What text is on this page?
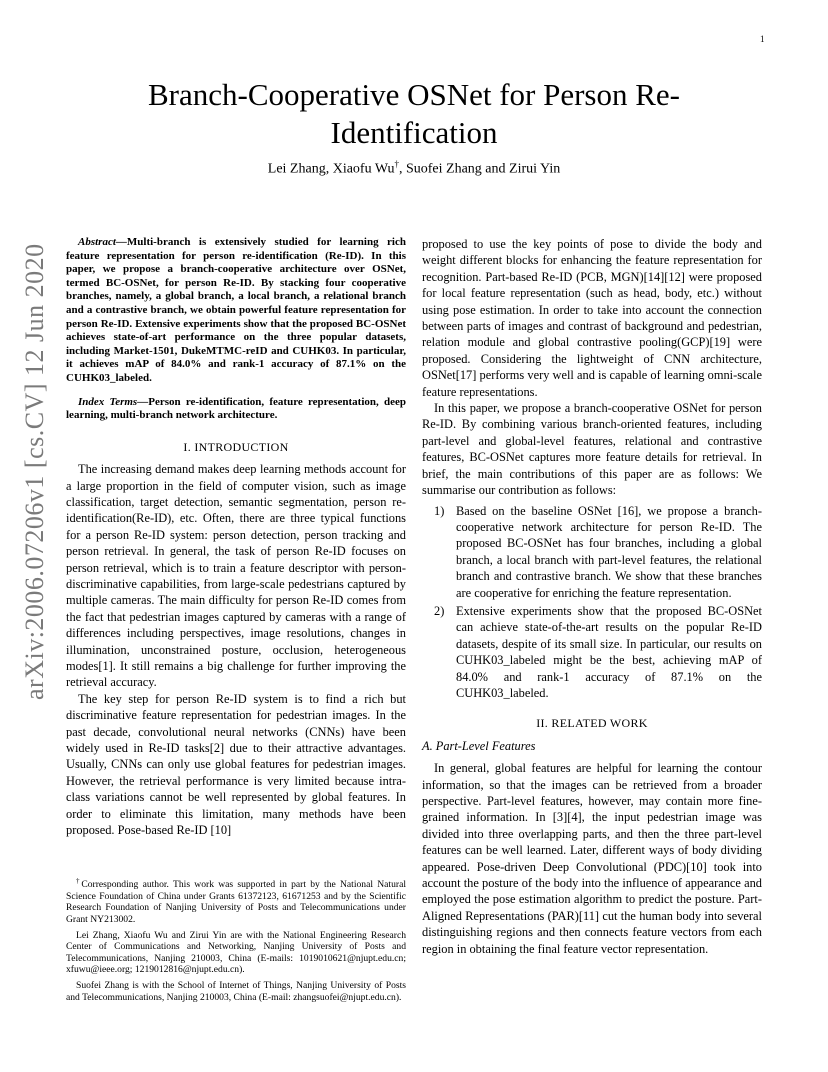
1
arXiv:2006.07206v1 [cs.CV] 12 Jun 2020
Branch-Cooperative OSNet for Person Re-Identification
Lei Zhang, Xiaofu Wu†, Suofei Zhang and Zirui Yin

Abstract—Multi-branch is extensively studied for learning rich feature representation for person re-identification (Re-ID). In this paper, we propose a branch-cooperative architecture over OSNet, termed BC-OSNet, for person Re-ID. By stacking four cooperative branches, namely, a global branch, a local branch, a relational branch and a contrastive branch, we obtain powerful feature representation for person Re-ID. Extensive experiments show that the proposed BC-OSNet achieves state-of-art performance on the three popular datasets, including Market-1501, DukeMTMC-reID and CUHK03. In particular, it achieves mAP of 84.0% and rank-1 accuracy of 87.1% on the CUHK03_labeled.

Index Terms—Person re-identification, feature representation, deep learning, multi-branch network architecture.

I. INTRODUCTION

The increasing demand makes deep learning methods account for a large proportion in the field of computer vision, such as image classification, target detection, semantic segmentation, person re-identification(Re-ID), etc. Often, there are three typical functions for a person Re-ID system: person detection, person tracking and person retrieval. In general, the task of person Re-ID focuses on person retrieval, which is to train a feature descriptor with person-discriminative capabilities, from large-scale pedestrians captured by multiple cameras. The main difficulty for person Re-ID comes from the fact that pedestrian images captured by cameras with a range of differences including perspectives, image resolutions, changes in illumination, unconstrained posture, occlusion, heterogeneous modes[1]. It still remains a big challenge for further improving the retrieval accuracy.

The key step for person Re-ID system is to find a rich but discriminative feature representation for pedestrian images. In the past decade, convolutional neural networks (CNNs) have been widely used in Re-ID tasks[2] due to their attractive advantages. Usually, CNNs can only use global features for pedestrian images. However, the retrieval performance is very limited because intra-class variations cannot be well represented by global features. In order to eliminate this limitation, many methods have been proposed. Pose-based Re-ID [10]

†Corresponding author. This work was supported in part by the National Natural Science Foundation of China under Grants 61372123, 61671253 and by the Scientific Research Foundation of Nanjing University of Posts and Telecommunications under Grant NY213002.

Lei Zhang, Xiaofu Wu and Zirui Yin are with the National Engineering Research Center of Communications and Networking, Nanjing University of Posts and Telecommunications, Nanjing 210003, China (E-mails: 1019010621@njupt.edu.cn; xfuwu@ieee.org; 1219012816@njupt.edu.cn).

Suofei Zhang is with the School of Internet of Things, Nanjing University of Posts and Telecommunications, Nanjing 210003, China (E-mail: zhangsuofei@njupt.edu.cn).

proposed to use the key points of pose to divide the body and weight different blocks for enhancing the feature representation for recognition. Part-based Re-ID (PCB, MGN)[14][12] were proposed for local feature representation (such as head, body, etc.) without using pose estimation. In order to take into account the connection between parts of images and contrast of background and pedestrian, relation module and global contrastive pooling(GCP)[19] were proposed. Considering the lightweight of CNN architecture, OSNet[17] performs very well and is capable of learning omni-scale feature representations.

In this paper, we propose a branch-cooperative OSNet for person Re-ID. By combining various branch-oriented features, including part-level and global-level features, relational and contrastive features, BC-OSNet captures more feature details for retrieval. In brief, the main contributions of this paper are as follows: We summarise our contribution as follows:

1) Based on the baseline OSNet [16], we propose a branch-cooperative network architecture for person Re-ID. The proposed BC-OSNet has four branches, including a global branch, a local branch with part-level features, the relational branch and contrastive branch. We show that these branches are cooperative for enriching the feature representation.
2) Extensive experiments show that the proposed BC-OSNet can achieve state-of-the-art results on the popular Re-ID datasets, despite of its small size. In particular, our results on CUHK03_labeled might be the best, achieving mAP of 84.0% and rank-1 accuracy of 87.1% on the CUHK03_labeled.
II. RELATED WORK
A. Part-Level Features

In general, global features are helpful for learning the contour information, so that the images can be retrieved from a broader perspective. Part-level features, however, may contain more fine-grained information. In [3][4], the input pedestrian image was divided into three overlapping parts, and then the three part-level features can be well learned. Later, different ways of body dividing appeared. Pose-driven Deep Convolutional (PDC)[10] took into account the posture of the body into the influence of appearance and employed the pose estimation algorithm to predict the posture. Part-Aligned Representations (PAR)[11] cut the human body into several distinguishing regions and then connects feature vectors from each region in obtaining the final feature vector representation.
